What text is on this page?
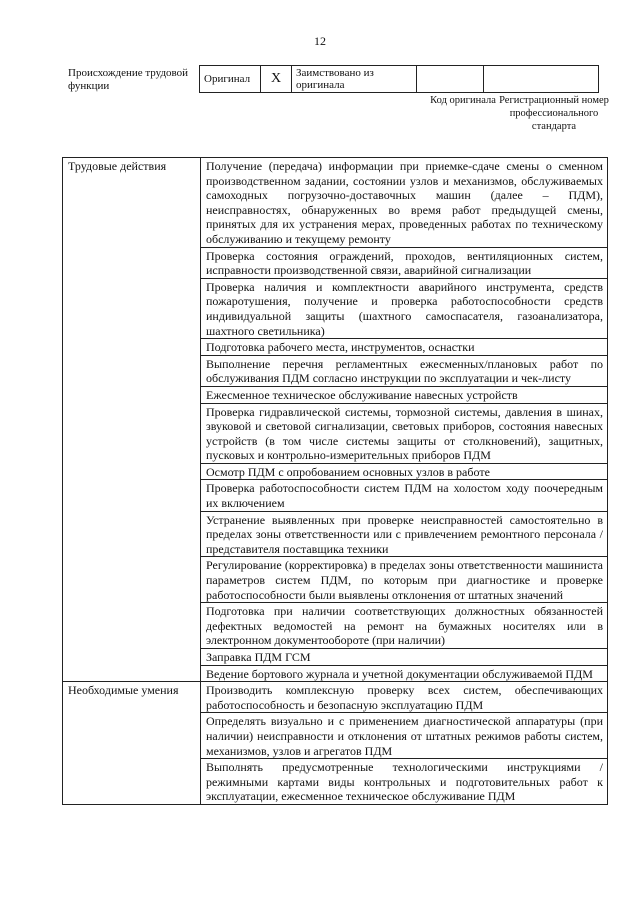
12
Происхождение трудовой функции
Оригинал	X	Заимствовано из оригинала		
Код оригинала Регистрационный номер профессионального стандарта
Трудовые действия	Получение (передача) информации при приемке-сдаче смены о сменном производственном задании, состоянии узлов и механизмов, обслуживаемых самоходных погрузочно-доставочных машин (далее – ПДМ), неисправностях, обнаруженных во время работ предыдущей смены, принятых для их устранения мерах, проведенных работах по техническому обслуживанию и текущему ремонту
	Проверка состояния ограждений, проходов, вентиляционных систем, исправности производственной связи, аварийной сигнализации
	Проверка наличия и комплектности аварийного инструмента, средств пожаротушения, получение и проверка работоспособности средств индивидуальной защиты (шахтного самоспасателя, газоанализатора, шахтного светильника)
	Подготовка рабочего места, инструментов, оснастки
	Выполнение перечня регламентных ежесменных/плановых работ по обслуживания ПДМ согласно инструкции по эксплуатации и чек-листу
	Ежесменное техническое обслуживание навесных устройств
	Проверка гидравлической системы, тормозной системы, давления в шинах, звуковой и световой сигнализации, световых приборов, состояния навесных устройств (в том числе системы защиты от столкновений), защитных, пусковых и контрольно-измерительных приборов ПДМ
	Осмотр ПДМ с опробованием основных узлов в работе
	Проверка работоспособности систем ПДМ на холостом ходу поочередным их включением
	Устранение выявленных при проверке неисправностей самостоятельно в пределах зоны ответственности или с привлечением ремонтного персонала / представителя поставщика техники
	Регулирование (корректировка) в пределах зоны ответственности машиниста параметров систем ПДМ, по которым при диагностике и проверке работоспособности были выявлены отклонения от штатных значений
	Подготовка при наличии соответствующих должностных обязанностей дефектных ведомостей на ремонт на бумажных носителях или в электронном документообороте (при наличии)
	Заправка ПДМ ГСМ
	Ведение бортового журнала и учетной документации обслуживаемой ПДМ
Необходимые умения	Производить комплексную проверку всех систем, обеспечивающих работоспособность и безопасную эксплуатацию ПДМ
	Определять визуально и с применением диагностической аппаратуры (при наличии) неисправности и отклонения от штатных режимов работы систем, механизмов, узлов и агрегатов ПДМ
	Выполнять предусмотренные технологическими инструкциями / режимными картами виды контрольных и подготовительных работ к эксплуатации, ежесменное техническое обслуживание ПДМ
